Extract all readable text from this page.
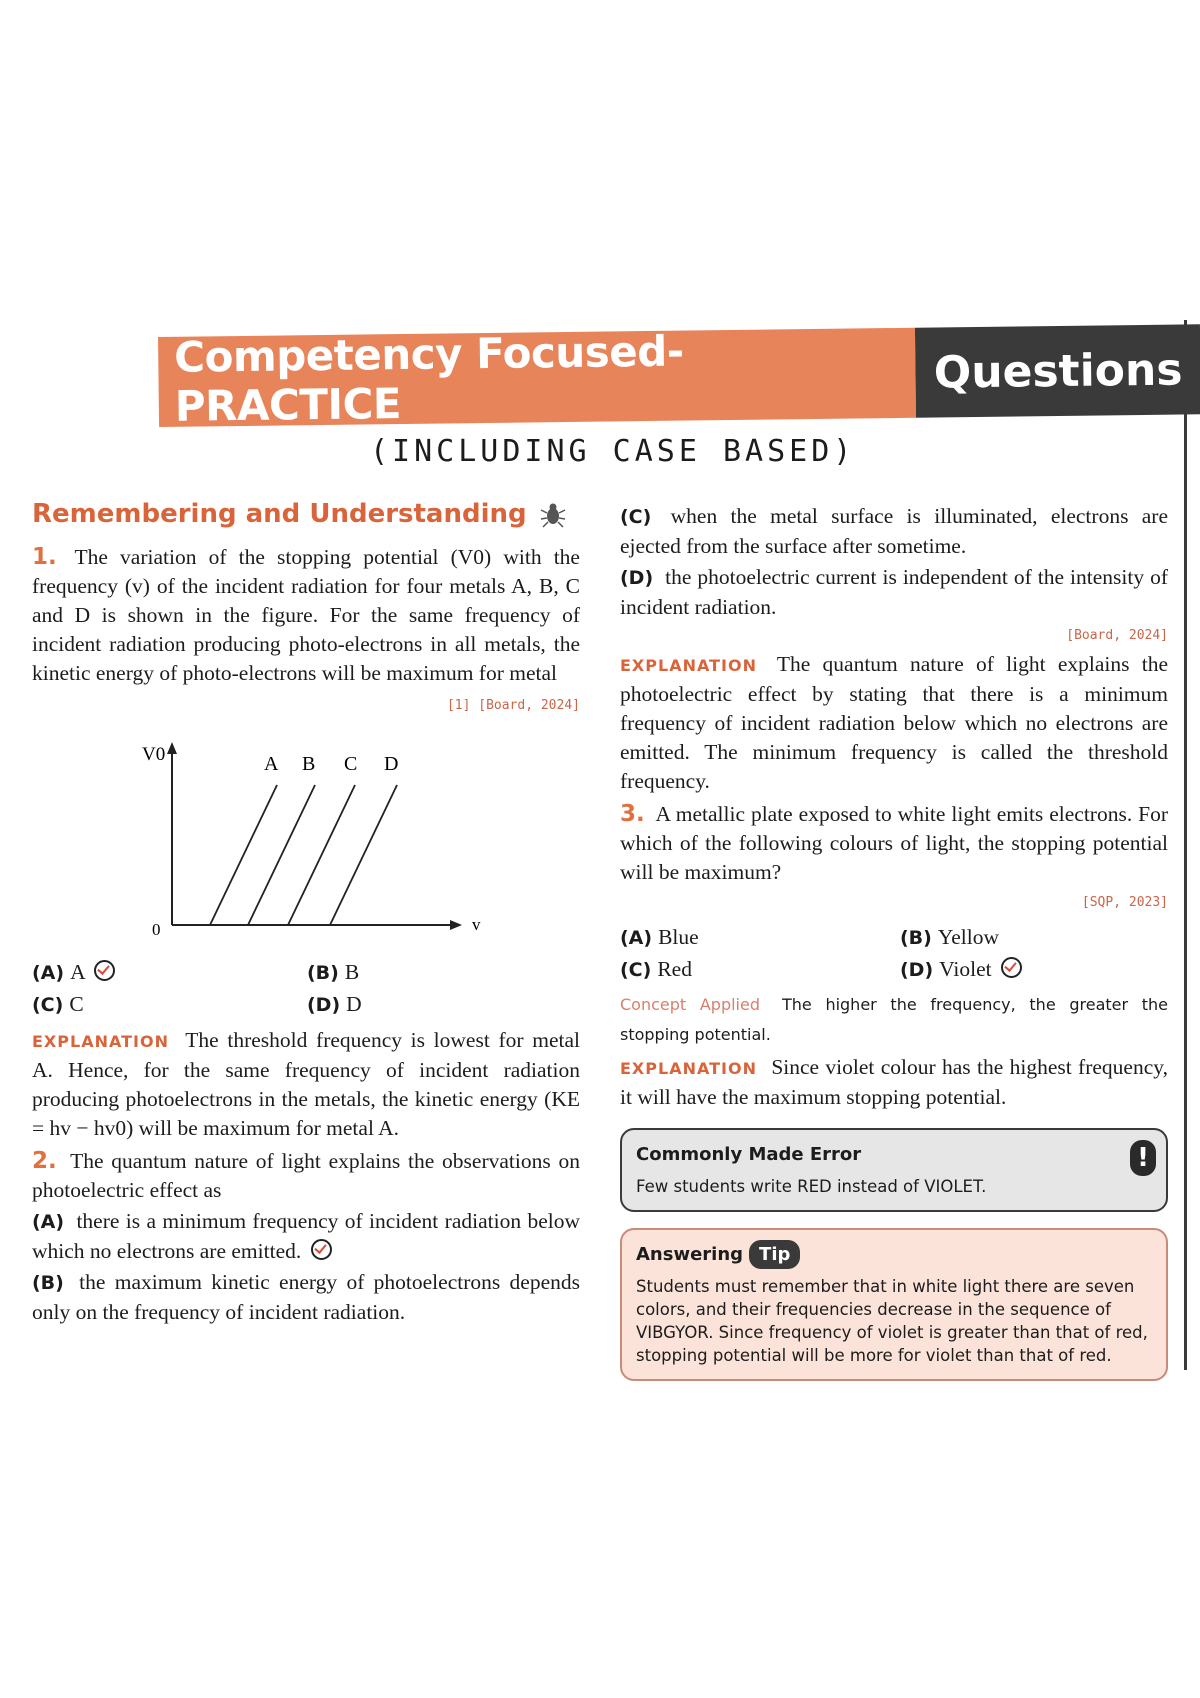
Competency Focused-PRACTICE
Questions
(INCLUDING CASE BASED)
Remembering and Understanding

1. The variation of the stopping potential (V0) with the frequency (v) of the incident radiation for four metals A, B, C and D is shown in the figure. For the same frequency of incident radiation producing photo-electrons in all metals, the kinetic energy of photo-electrons will be maximum for metal

[1] [Board, 2024]
V0
v
0
A B C D
(A) A	(B) B
(C) C	(D) D

EXPLANATION The threshold frequency is lowest for metal A. Hence, for the same frequency of incident radiation producing photoelectrons in the metals, the kinetic energy (KE = hv − hv0) will be maximum for metal A.

2. The quantum nature of light explains the observations on photoelectric effect as

(A) there is a minimum frequency of incident radiation below which no electrons are emitted.

(B) the maximum kinetic energy of photoelectrons depends only on the frequency of incident radiation.

(C) when the metal surface is illuminated, electrons are ejected from the surface after sometime.

(D) the photoelectric current is independent of the intensity of incident radiation.

[Board, 2024]

EXPLANATION The quantum nature of light explains the photoelectric effect by stating that there is a minimum frequency of incident radiation below which no electrons are emitted. The minimum frequency is called the threshold frequency.

3. A metallic plate exposed to white light emits electrons. For which of the following colours of light, the stopping potential will be maximum?

[SQP, 2023]
(A) Blue	(B) Yellow
(C) Red	(D) Violet

Concept Applied The higher the frequency, the greater the stopping potential.

EXPLANATION Since violet colour has the highest frequency, it will have the maximum stopping potential.

Commonly Made Error
Few students write RED instead of VIOLET.
!
Answering Tip
Students must remember that in white light there are seven colors, and their frequencies decrease in the sequence of VIBGYOR. Since frequency of violet is greater than that of red, stopping potential will be more for violet than that of red.
